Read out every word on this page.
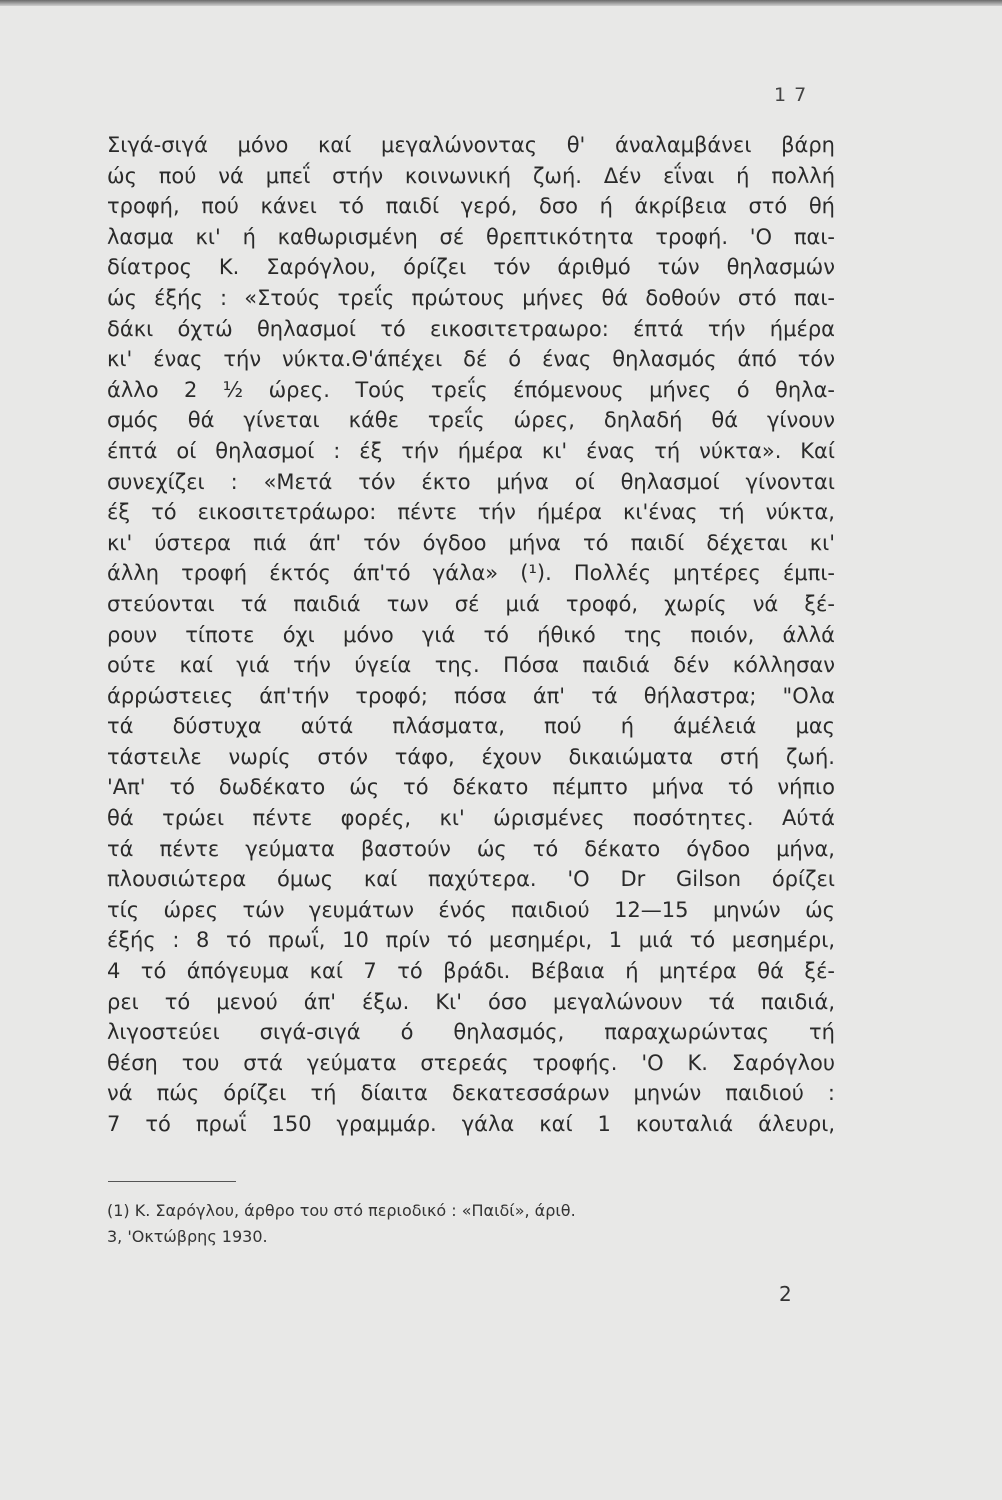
1 7
Σιγά-σιγά μόνο καί μεγαλώνοντας θ' άναλαμβάνει βάρη
ώς πού νά μπεΐ στήν κοινωνική ζωή. Δέν εΐναι ή πολλή
τροφή, πού κάνει τό παιδί γερό, δσο ή άκρίβεια στό θή
λασμα κι' ή καθωρισμένη σέ θρεπτικότητα τροφή. 'Ο παι-
δίατρος Κ. Σαρόγλου, όρίζει τόν άριθμό τών θηλασμών
ώς έξής : «Στούς τρεΐς πρώτους μήνες θά δοθούν στό παι-
δάκι όχτώ θηλασμοί τό εικοσιτετραωρο: έπτά τήν ήμέρα
κι' ένας τήν νύκτα.Θ'άπέχει δέ ό ένας θηλασμός άπό τόν
άλλο 2 ½ ώρες. Τούς τρεΐς έπόμενους μήνες ό θηλα-
σμός θά γίνεται κάθε τρεΐς ώρες, δηλαδή θά γίνουν
έπτά οί θηλασμοί : έξ τήν ήμέρα κι' ένας τή νύκτα». Καί
συνεχίζει : «Μετά τόν έκτο μήνα οί θηλασμοί γίνονται
έξ τό εικοσιτετράωρο: πέντε τήν ήμέρα κι'ένας τή νύκτα,
κι' ύστερα πιά άπ' τόν όγδοο μήνα τό παιδί δέχεται κι'
άλλη τροφή έκτός άπ'τό γάλα» (¹). Πολλές μητέρες έμπι-
στεύονται τά παιδιά των σέ μιά τροφό, χωρίς νά ξέ-
ρουν τίποτε όχι μόνο γιά τό ήθικό της ποιόν, άλλά
ούτε καί γιά τήν ύγεία της. Πόσα παιδιά δέν κόλλησαν
άρρώστειες άπ'τήν τροφό; πόσα άπ' τά θήλαστρα; "Ολα
τά δύστυχα αύτά πλάσματα, πού ή άμέλειά μας
τάστειλε νωρίς στόν τάφο, έχουν δικαιώματα στή ζωή.
'Απ' τό δωδέκατο ώς τό δέκατο πέμπτο μήνα τό νήπιο
θά τρώει πέντε φορές, κι' ώρισμένες ποσότητες. Αύτά
τά πέντε γεύματα βαστούν ώς τό δέκατο όγδοο μήνα,
πλουσιώτερα όμως καί παχύτερα. 'Ο Dr Gilson όρίζει
τίς ώρες τών γευμάτων ένός παιδιού 12—15 μηνών ώς
έξής : 8 τό πρωΐ, 10 πρίν τό μεσημέρι, 1 μιά τό μεσημέρι,
4 τό άπόγευμα καί 7 τό βράδι. Βέβαια ή μητέρα θά ξέ-
ρει τό μενού άπ' έξω. Κι' όσο μεγαλώνουν τά παιδιά,
λιγοστεύει σιγά-σιγά ό θηλασμός, παραχωρώντας τή
θέση του στά γεύματα στερεάς τροφής. 'Ο Κ. Σαρόγλου
νά πώς όρίζει τή δίαιτα δεκατεσσάρων μηνών παιδιού :
7 τό πρωΐ 150 γραμμάρ. γάλα καί 1 κουταλιά άλευρι,
(1) Κ. Σαρόγλου, άρθρο του στό περιοδικό : «Παιδί», άριθ.
3, 'Οκτώβρης 1930.
2
